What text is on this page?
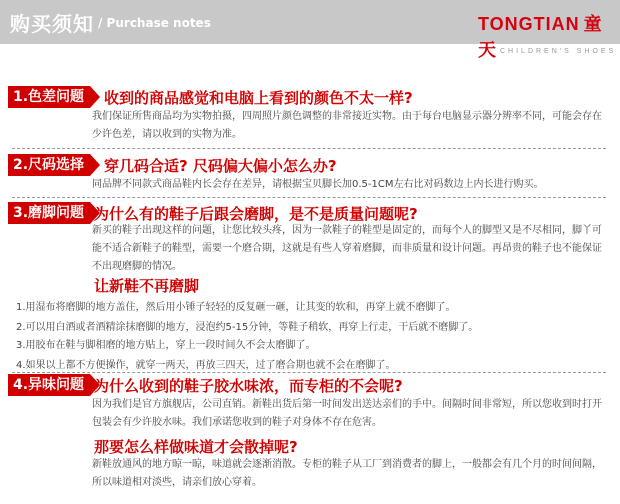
购买须知 / Purchase notes	TONGTIAN 童天 CHILDREN'S SHOES
1.色差问题	收到的商品感觉和电脑上看到的颜色不太一样?
我们保证所售商品均为实物拍摄，四周照片颜色调整的非常接近实物。由于每台电脑显示器分辨率不同，可能会存在少许色差，请以收到的实物为准。
2.尺码选择	穿几码合适? 尺码偏大偏小怎么办?
同品牌不同款式商品鞋内长会存在差异，请根据宝贝脚长加0.5-1CM左右比对码数边上内长进行购买。
3.磨脚问题 为什么有的鞋子后跟会磨脚，是不是质量问题呢?
新买的鞋子出现这样的问题，让您比较头疼，因为一款鞋子的鞋型是固定的，而每个人的脚型又是不尽相同，脚丫可能不适合新鞋子的鞋型，需要一个磨合期，这就是有些人穿着磨脚，而非质量和设计问题。再昂贵的鞋子也不能保证不出现磨脚的情况。
让新鞋不再磨脚
1.用湿布将磨脚的地方盖住，然后用小锤子轻轻的反复砸一砸，让其变的软和，再穿上就不磨脚了。
2.可以用白酒或者酒精涂抹磨脚的地方，浸泡约5-15分钟，等鞋子稍软，再穿上行走，干后就不磨脚了。
3.用胶布在鞋与脚相磨的地方贴上，穿上一段时间久不会太磨脚了。
4.如果以上都不方便操作，就穿一两天，再放三四天，过了磨合期也就不会在磨脚了。
4.异味问题 为什么收到的鞋子胶水味浓，而专柜的不会呢?
因为我们是官方旗舰店，公司直销。新鞋出货后第一时间发出送达亲们的手中。间隔时间非常短，所以您收到时打开包装会有少许胶水味。我们承诺您收到的鞋子对身体不存在危害。
那要怎么样做味道才会散掉呢?
新鞋放通风的地方晾一晾，味道就会逐渐消散。专柜的鞋子从工厂到消费者的脚上，一般都会有几个月的时间间隔，所以味道相对淡些，请亲们放心穿着。
